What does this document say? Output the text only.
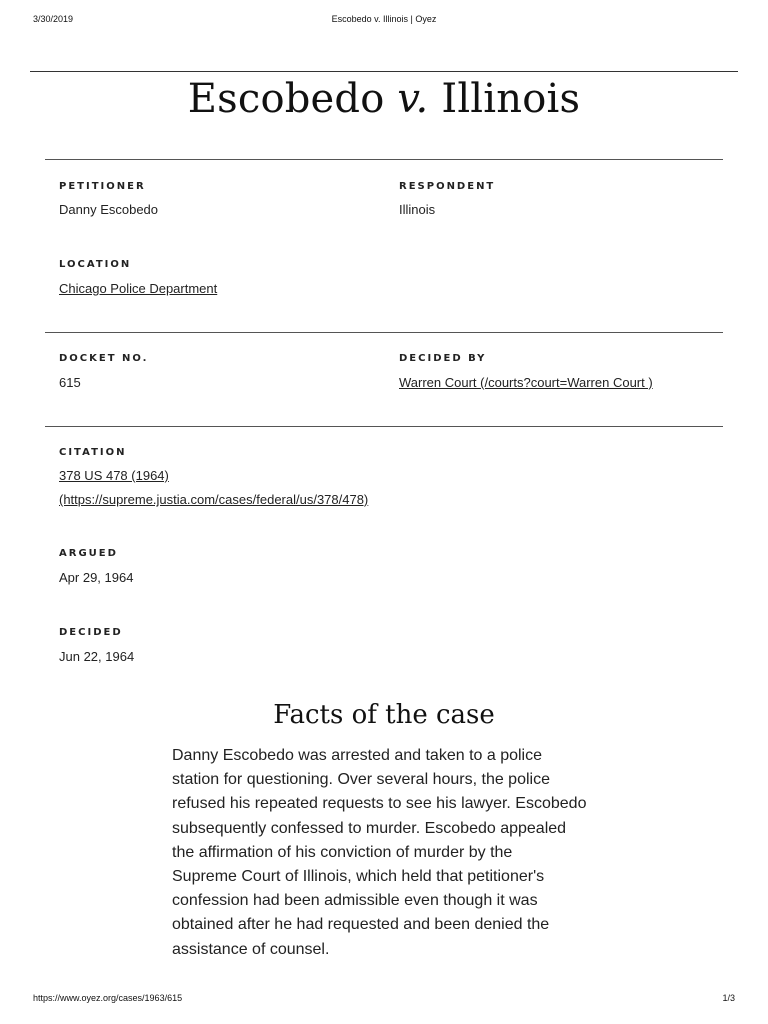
3/30/2019	Escobedo v. Illinois | Oyez
Escobedo v. Illinois
PETITIONER
Danny Escobedo
RESPONDENT
Illinois
LOCATION
Chicago Police Department
DOCKET NO.
615
DECIDED BY
Warren Court (/courts?court=Warren Court )
CITATION
378 US 478 (1964)
(https://supreme.justia.com/cases/federal/us/378/478)
ARGUED
Apr 29, 1964
DECIDED
Jun 22, 1964
Facts of the case
Danny Escobedo was arrested and taken to a police
station for questioning. Over several hours, the police
refused his repeated requests to see his lawyer. Escobedo
subsequently confessed to murder. Escobedo appealed
the affirmation of his conviction of murder by the
Supreme Court of Illinois, which held that petitioner's
confession had been admissible even though it was
obtained after he had requested and been denied the
assistance of counsel.
https://www.oyez.org/cases/1963/615	1/3
